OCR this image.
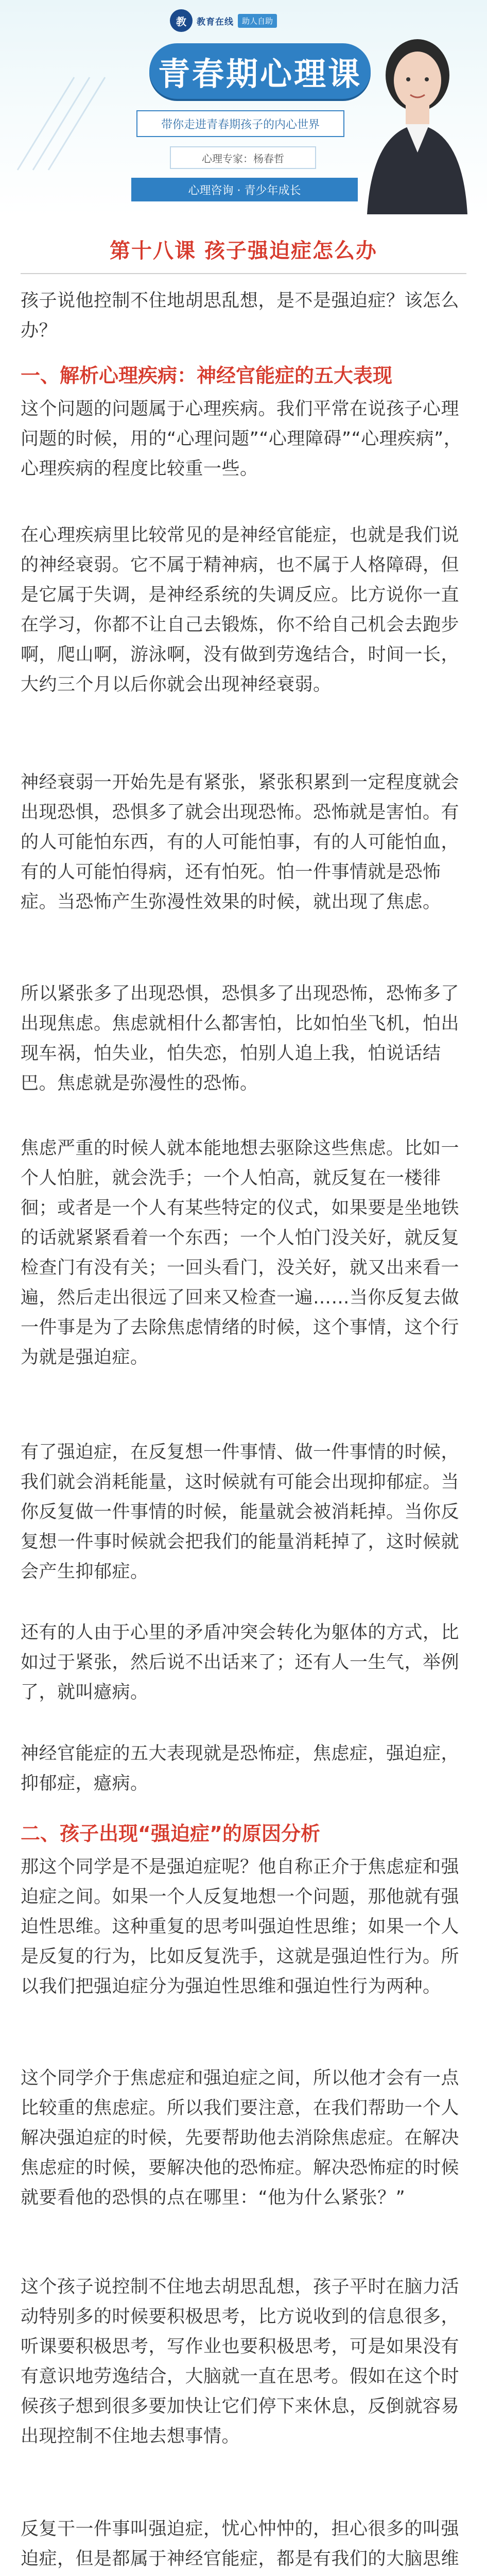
教	教育在线	助人自助
青春期心理课
带你走进青春期孩子的内心世界
心理专家：杨春哲
心理咨询 · 青少年成长
第十八课 孩子强迫症怎么办
孩子说他控制不住地胡思乱想，是不是强迫症？该怎么办？
一、解析心理疾病：神经官能症的五大表现
这个问题的问题属于心理疾病。我们平常在说孩子心理问题的时候，用的“心理问题”“心理障碍”“心理疾病”，心理疾病的程度比较重一些。
在心理疾病里比较常见的是神经官能症，也就是我们说的神经衰弱。它不属于精神病，也不属于人格障碍，但是它属于失调，是神经系统的失调反应。比方说你一直在学习，你都不让自己去锻炼，你不给自己机会去跑步啊，爬山啊，游泳啊，没有做到劳逸结合，时间一长，大约三个月以后你就会出现神经衰弱。
神经衰弱一开始先是有紧张，紧张积累到一定程度就会出现恐惧，恐惧多了就会出现恐怖。恐怖就是害怕。有的人可能怕东西，有的人可能怕事，有的人可能怕血，有的人可能怕得病，还有怕死。怕一件事情就是恐怖症。当恐怖产生弥漫性效果的时候，就出现了焦虑。
所以紧张多了出现恐惧，恐惧多了出现恐怖，恐怖多了出现焦虑。焦虑就相什么都害怕，比如怕坐飞机，怕出现车祸，怕失业，怕失恋，怕别人追上我，怕说话结巴。焦虑就是弥漫性的恐怖。
焦虑严重的时候人就本能地想去驱除这些焦虑。比如一个人怕脏，就会洗手；一个人怕高，就反复在一楼徘徊；或者是一个人有某些特定的仪式，如果要是坐地铁的话就紧紧看着一个东西；一个人怕门没关好，就反复检查门有没有关；一回头看门，没关好，就又出来看一遍，然后走出很远了回来又检查一遍……当你反复去做一件事是为了去除焦虑情绪的时候，这个事情，这个行为就是强迫症。
有了强迫症，在反复想一件事情、做一件事情的时候，我们就会消耗能量，这时候就有可能会出现抑郁症。当你反复做一件事情的时候，能量就会被消耗掉。当你反复想一件事时候就会把我们的能量消耗掉了，这时候就会产生抑郁症。
还有的人由于心里的矛盾冲突会转化为躯体的方式，比如过于紧张，然后说不出话来了；还有人一生气，举例了，就叫癔病。
神经官能症的五大表现就是恐怖症，焦虑症，强迫症，抑郁症，癔病。
二、孩子出现“强迫症”的原因分析
那这个同学是不是强迫症呢？他自称正介于焦虑症和强迫症之间。如果一个人反复地想一个问题，那他就有强迫性思维。这种重复的思考叫强迫性思维；如果一个人是反复的行为，比如反复洗手，这就是强迫性行为。所以我们把强迫症分为强迫性思维和强迫性行为两种。
这个同学介于焦虑症和强迫症之间，所以他才会有一点比较重的焦虑症。所以我们要注意，在我们帮助一个人解决强迫症的时候，先要帮助他去消除焦虑症。在解决焦虑症的时候，要解决他的恐怖症。解决恐怖症的时候就要看他的恐惧的点在哪里：“他为什么紧张？”
这个孩子说控制不住地去胡思乱想，孩子平时在脑力活动特别多的时候要积极思考，比方说收到的信息很多，听课要积极思考，写作业也要积极思考，可是如果没有有意识地劳逸结合，大脑就一直在思考。假如在这个时候孩子想到很多要加快让它们停下来休息，反倒就容易出现控制不住地去想事情。
反复干一件事叫强迫症，忧心忡忡的，担心很多的叫强迫症，但是都属于神经官能症，都是有我们的大脑思维
